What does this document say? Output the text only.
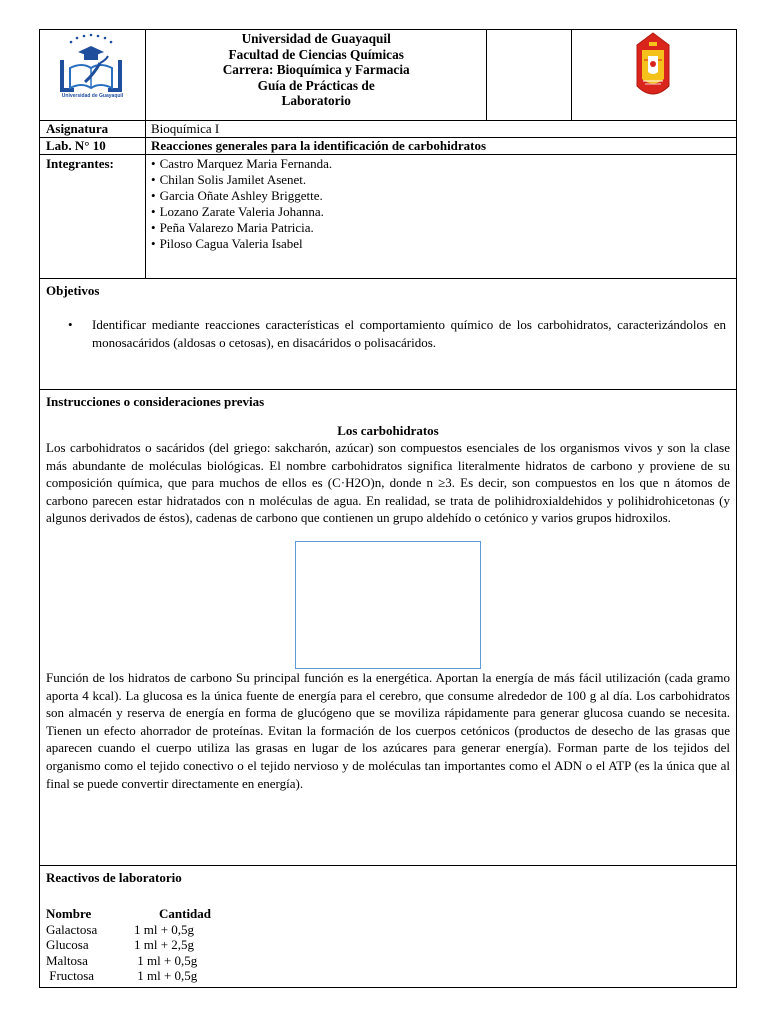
Universidad de Guayaquil
Universidad de Guayaquil
Facultad de Ciencias Químicas
Carrera: Bioquímica y Farmacia
Guía de Prácticas de
Laboratorio
Asignatura	Bioquímica I
Lab. N° 10	Reacciones generales para la identificación de carbohidratos
Integrantes:
•	Castro Marquez Maria Fernanda.
• Chilan Solis Jamilet Asenet.
• Garcia Oñate Ashley Briggette.
• Lozano Zarate Valeria Johanna.
• Peña Valarezo Maria Patricia.
• Piloso Cagua Valeria Isabel
Objetivos
• Identificar mediante reacciones características el comportamiento químico de los carbohidratos, caracterizándolos en monosacáridos (aldosas o cetosas), en disacáridos o polisacáridos.
Instrucciones o consideraciones previas
Los carbohidratos

Los carbohidratos o sacáridos (del griego: sakcharón, azúcar) son compuestos esenciales de los organismos vivos y son la clase más abundante de moléculas biológicas. El nombre carbohidratos significa literalmente hidratos de carbono y proviene de su composición química, que para muchos de ellos es (C·H2O)n, donde n ≥3. Es decir, son compuestos en los que n átomos de carbono parecen estar hidratados con n moléculas de agua. En realidad, se trata de polihidroxialdehidos y polihidrohicetonas (y algunos derivados de éstos), cadenas de carbono que contienen un grupo aldehído o cetónico y varios grupos hidroxilos.

Función de los hidratos de carbono Su principal función es la energética. Aportan la energía de más fácil utilización (cada gramo aporta 4 kcal). La glucosa es la única fuente de energía para el cerebro, que consume alrededor de 100 g al día. Los carbohidratos son almacén y reserva de energía en forma de glucógeno que se moviliza rápidamente para generar glucosa cuando se necesita. Tienen un efecto ahorrador de proteínas. Evitan la formación de los cuerpos cetónicos (productos de desecho de las grasas que aparecen cuando el cuerpo utiliza las grasas en lugar de los azúcares para generar energía). Forman parte de los tejidos del organismo como el tejido conectivo o el tejido nervioso y de moléculas tan importantes como el ADN o el ATP (es la única que al final se puede convertir directamente en energía).

Reactivos de laboratorio
Nombre	Cantidad
Galactosa	1 ml + 0,5g
Glucosa	1 ml + 2,5g
Maltosa	1 ml + 0,5g
Fructosa	1 ml + 0,5g
